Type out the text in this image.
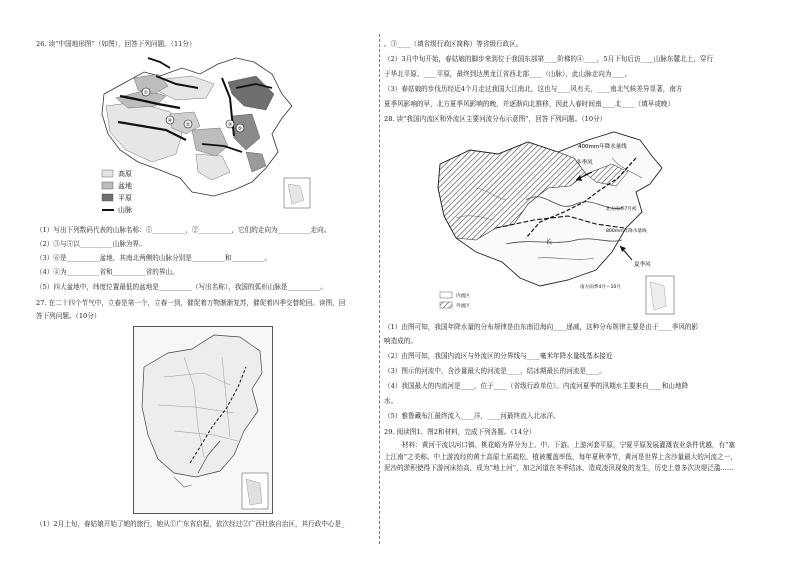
26. 读“中国地形图”（如图），回答下列问题。（11分）
①
②	③
④
⑤
高原
盆地
平原
山脉
（1）写出下列数码代表的山脉名称：①__________，②__________，它们的走向为__________走向。
（2）③与⑤以__________山脉为界。
（3）⑥是__________盆地，其南北两侧的山脉分别是__________和__________。
（4）④为__________省和__________省的界山。
（5）四大盆地中，纬度位置最低的盆地是__________（写出名称），我国的弧形山脉是__________。
27. 在二十四个节气中，立春是第一个，立春一到，催促着万物渐渐复苏，催促着四季交替轮回。读图，回
答下列问题。（10分）
（1）2月上旬，春姑娘开始了她的旅行，她从①广东省启程，依次经过②广西壮族自治区，其行政中心是_
。③____（填省级行政区简称）等省级行政区。
（2）3月中旬开始，春姑娘的脚步来到位于我国东部第____阶梯的④____，5月下旬后访____山脉东麓北上，穿行
于华北平原、____平原，最终到达黑龙江省西北部____（山脉），此山脉走向为____。
（3）春姑娘的步伐历经近4个月走过我国大江南北，这也与____风有关，____南北气候差异显著，南方
夏季风影响的早，北方夏季风影响的晚，并逐渐向北推移，因此入春时间南____北____（填早或晚）
28. 读“我国内流区和外流区主要河流分布示意图”，回答下列问题。（10分）
400mm年降水量线
冬季风
北方雨季7月初
800mm年降水量线
长
夏季风
南方雨季4月—10月
内流区
外流区
（1）由图可知，我国年降水量的分布规律是由东南沿海向____递减，这种分布规律主要是由于____季风的影
响造成的。
（2）由图可知，我国内流区与外流区的分界线与____毫米年降水量线基本接近
（3）图示的河流中，含沙量最大的河流是____，结冰期最长的河流是____。
（4）我国最大的内流河是____，位于____（省级行政单位）。内流河夏季的汛期水主要来自____和山地降
水。
（5）雅鲁藏布江最终流入____洋，____河最终流入北冰洋。
29. 阅读图1、图2和材料，完成下列各题。（14分）
材料：黄河干流以河口镇、桃花峪为界分为上、中、下游。上游河套平原，宁夏平原发展灌溉农业条件优越，有“塞上江南”之美称。中上游流经的黄土高原土质疏松，植被覆盖率低，每年夏秋季节，黄河是世界上含沙量最大的河流之一，泥沙的淤积使得下游河床抬高，成为“地上河”，加之河道在冬季结冰，造成凌汛现象的发生，历史上曾多次决堤泛滥……
